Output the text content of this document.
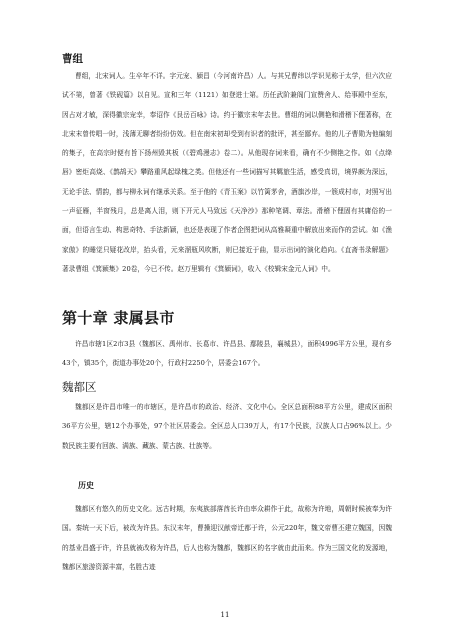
曹组

曹组，北宋词人。生卒年不详。字元宠、颍昌（今河南许昌）人。与其兄曹纬以学识见称于太学，但六次应试不第，曾著《铁砚篇》以自见。宣和三年（1121）如登进士第。历任武阶兼阁门宣赞舍人、给事殿中至东，因占对才敏，深得徽宗宠幸，奉诏作《艮岳百咏》诗。约于徽宗末年去世。曹组的词以侧艳和滑稽下俚著称，在北宋末曾传唱一时，浅薄无聊者纷纷仿效。但在南宋初却受到有识者的批评，甚至鄙弃。他的儿子曹勋为他编刻的集子，在高宗时便有旨下扬州毁其板（《碧鸡漫志》卷二）。从他现存词来看，确有不少侧艳之作。如《点绛唇》密炬高烧、《鹊鸪天》攀路重风起绿槐之类。但他还有一些词描写其羁旅生活，感受真切，境界颇为深远，无论手法、情韵，都与柳永词有继承关系。至于他的《青玉案》以竹篱茅舍，酒旗沙岸，一簇成村市，对照写出一声征雁，半窗残月，总是离人泪，则下开元人马致远《天净沙》那种笔调、章法。滑稽下俚固有其庸俗的一面，但语言生动、构思奇特、手法新颖，也还是表现了作者企图把词从高雅凝重中解放出来而作的尝试。如《渔家傲》的睡觉只疑花改岸，抬头看，元来溜瓶风吹断，则已接近于曲，显示出词的演化趋向。《直斋书录解题》著录曹组《箕颍集》20卷，今已不传。赵万里辑有《箕颍词》，收入《校辑宋金元人词》中。

第十章 隶属县市

许昌市辖1区2市3县（魏都区、禹州市、长葛市、许昌县、鄢陵县，襄城县），面积4996平方公里，现有乡43个，镇35个，街道办事处20个，行政村2250个，居委会167个。

魏都区

魏都区是许昌市唯一的市辖区，是许昌市的政治、经济、文化中心。全区总面积88平方公里，建成区面积36平方公里，辖12个办事处，97个社区居委会。全区总人口39万人，有17个民族，汉族人口占96%以上。少数民族主要有回族、满族、藏族、蒙古族、壮族等。

历史

魏都区有悠久的历史文化。远古时期，东夷族部落酋长许由率众耕作于此，故称为许地，周朝时候被奉为许国。秦统一天下后，被改为许县。东汉末年，曹操迎汉献帝迁都于许，公元220年，魏文帝曹丕建立魏国，因魏的基业昌盛于许，许县就被改称为许昌，后人也称为魏都，魏都区的名字就由此而来。作为三国文化的发源地，魏都区旅游资源丰富，名胜古迹

11
